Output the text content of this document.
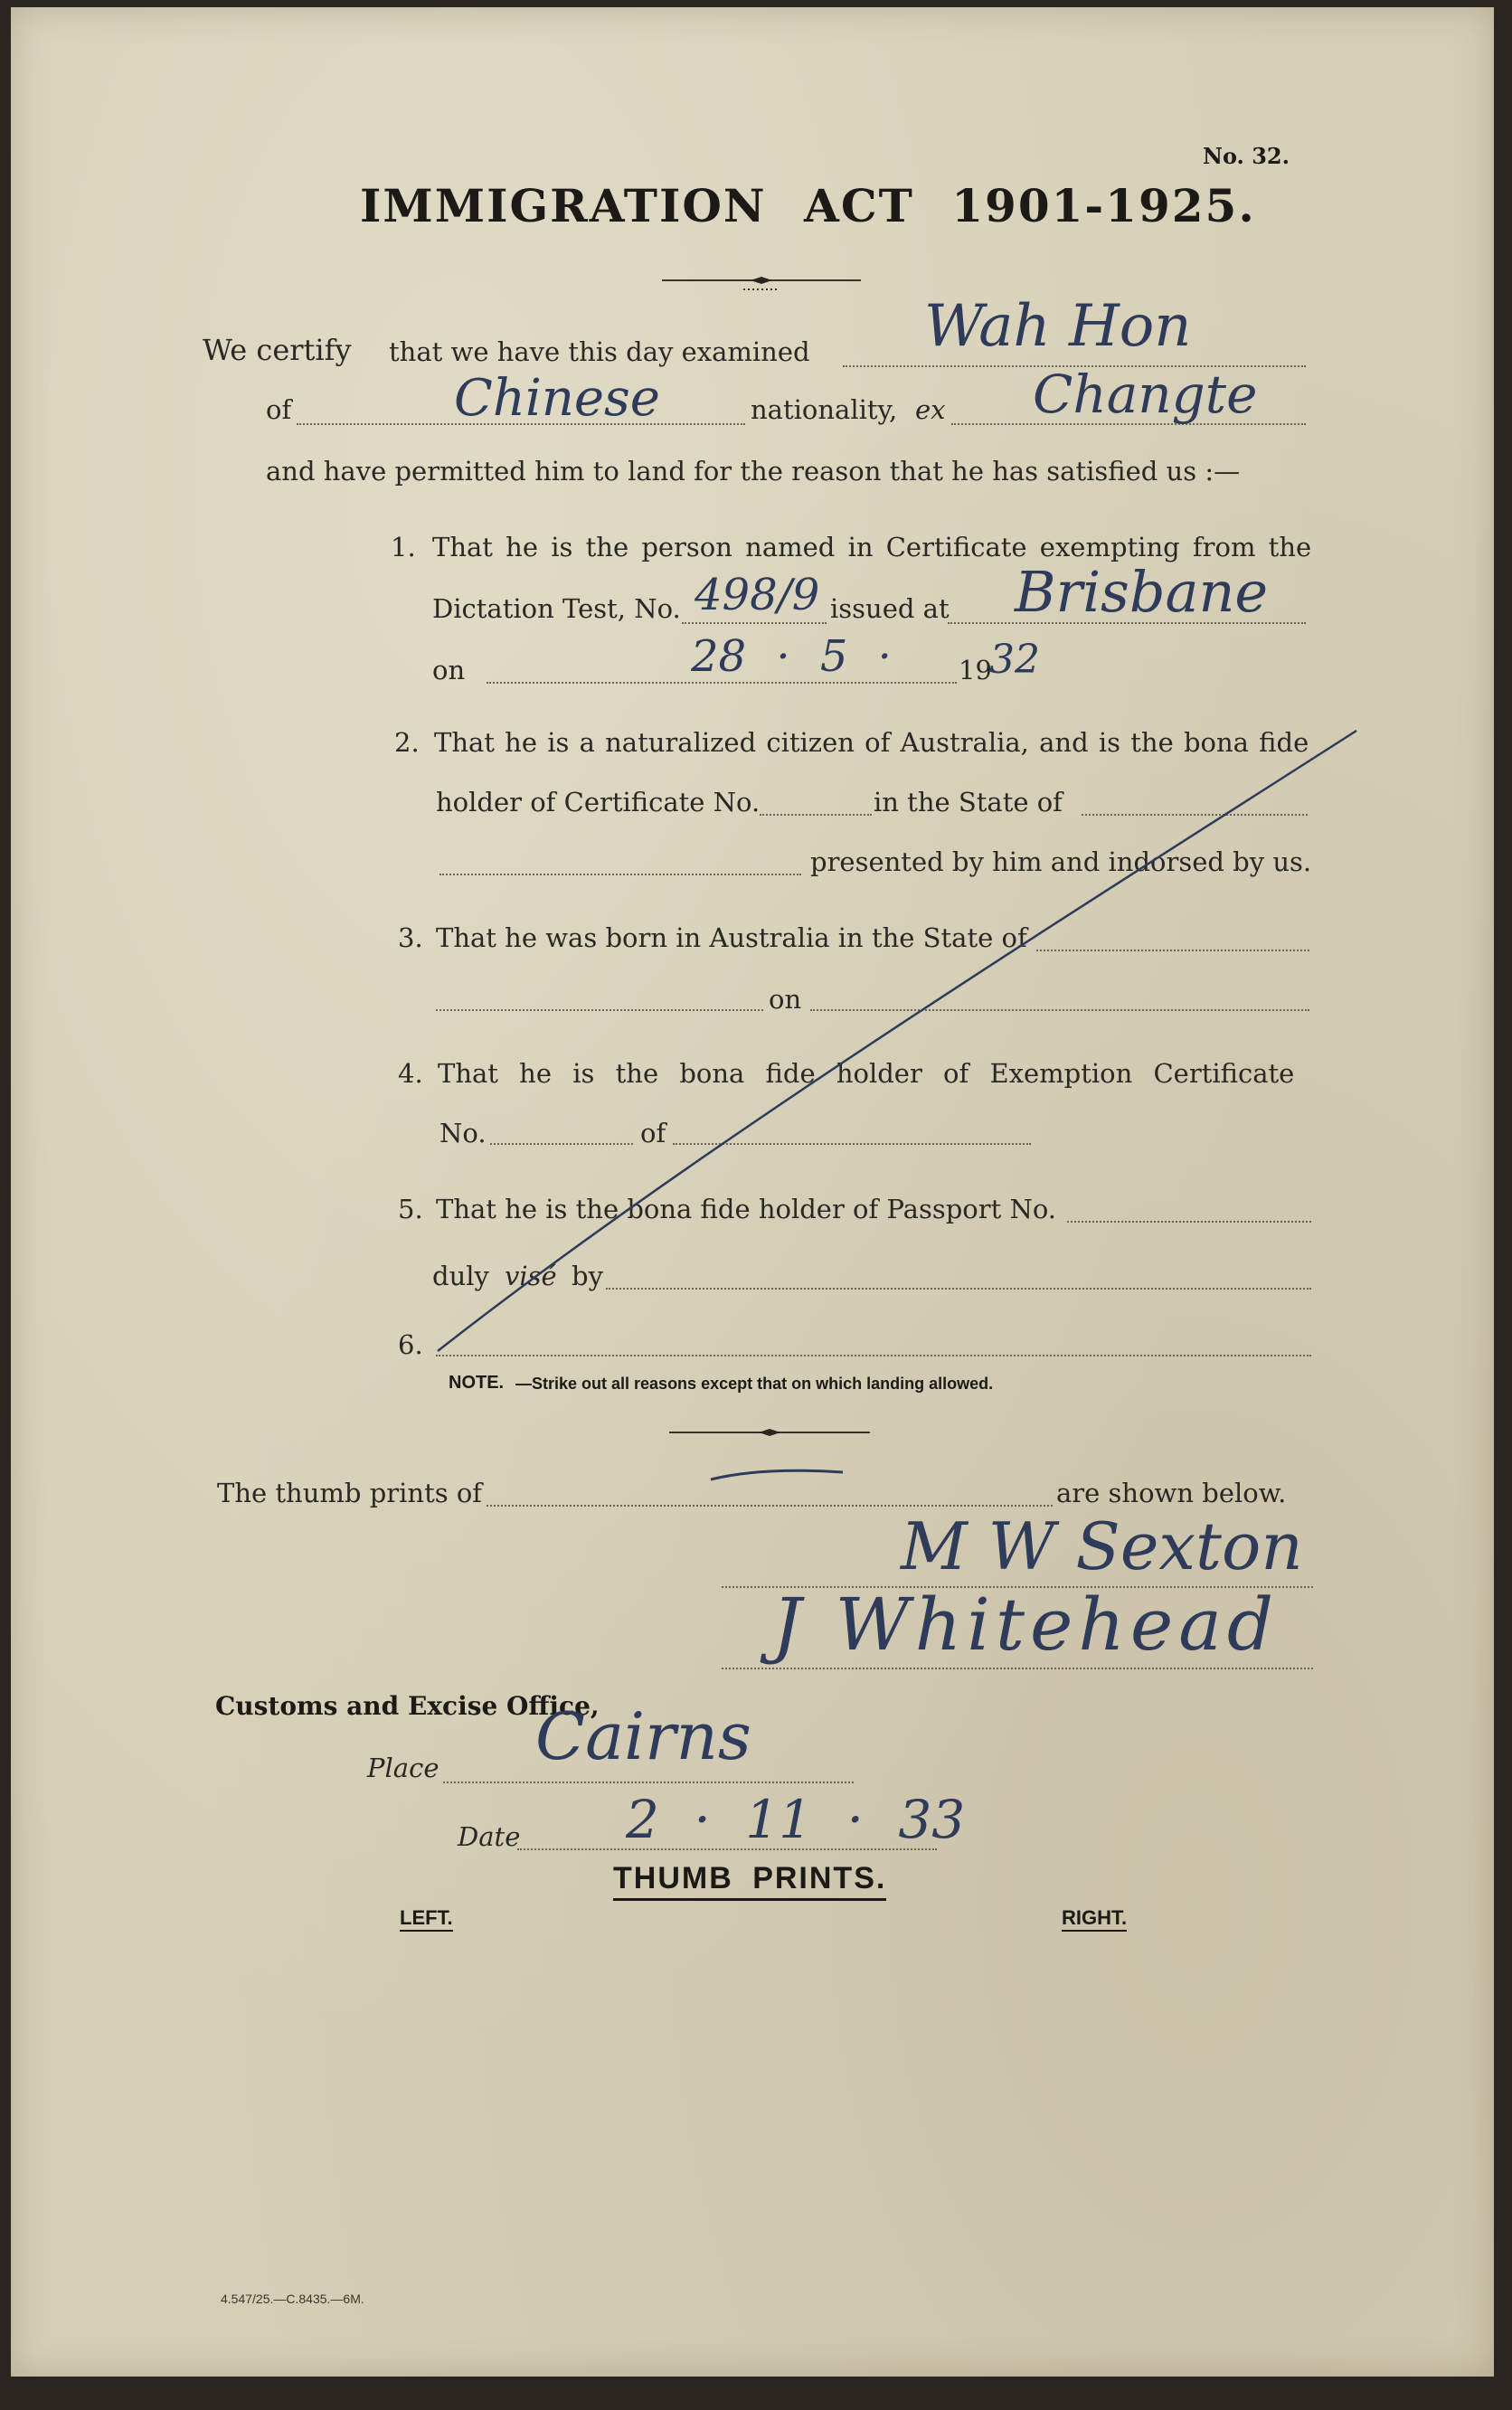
No. 32.
IMMIGRATION ACT 1901-1925.
We certify that we have this day examined Wah Hon
of	Chinese	nationality, ex Changte
and have permitted him to land for the reason that he has satisfied us :—
1. That he is the person named in Certificate exempting from the
Dictation Test, No. 498/9 issued at Brisbane
on	28 · 5 ·	19
32
2. That he is a naturalized citizen of Australia, and is the bona fide
holder of Certificate No.	in the State of
presented by him and indorsed by us.
3. That he was born in Australia in the State of
on
4. That he is the bona fide holder of Exemption Certificate
No.	of
5. That he is the bona fide holder of Passport No.
duly visé by
6.
NOTE. —Strike out all reasons except that on which landing allowed.
The thumb prints of	are shown below.
M W Sexton
J Whitehead
Customs and Excise Office,
Place Cairns
Date 2 · 11 · 33
THUMB PRINTS.
LEFT.	RIGHT.
4.547/25.—C.8435.—6M.
